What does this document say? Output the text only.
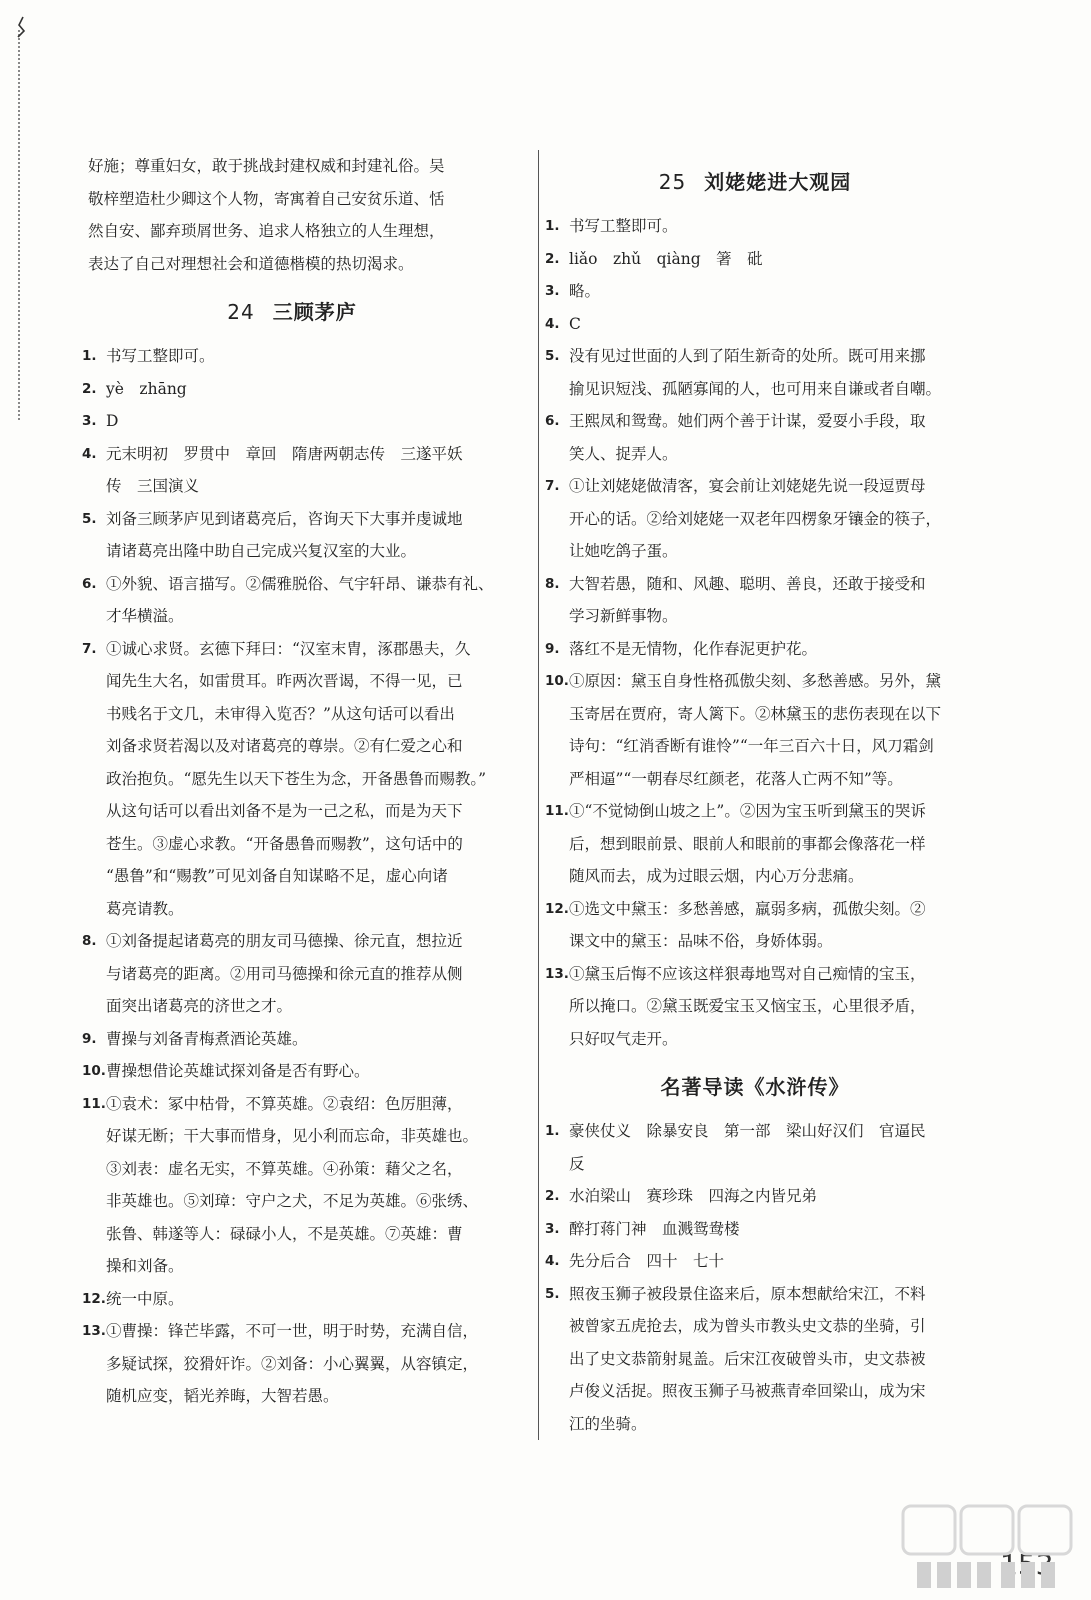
好施；尊重妇女，敢于挑战封建权威和封建礼俗。吴
敬梓塑造杜少卿这个人物，寄寓着自己安贫乐道、恬
然自安、鄙弃琐屑世务、追求人格独立的人生理想，
表达了自己对理想社会和道德楷模的热切渴求。
24 三顾茅庐
1. 书写工整即可。
2. yè　zhāng
3. D
4. 元末明初　罗贯中　章回　隋唐两朝志传　三遂平妖
传　三国演义
5. 刘备三顾茅庐见到诸葛亮后，咨询天下大事并虔诚地
请诸葛亮出隆中助自己完成兴复汉室的大业。
6. ①外貌、语言描写。②儒雅脱俗、气宇轩昂、谦恭有礼、
才华横溢。
7. ①诚心求贤。玄德下拜曰：“汉室末胄，涿郡愚夫，久
闻先生大名，如雷贯耳。昨两次晋谒，不得一见，已
书贱名于文几，未审得入览否？”从这句话可以看出
刘备求贤若渴以及对诸葛亮的尊崇。②有仁爱之心和
政治抱负。“愿先生以天下苍生为念，开备愚鲁而赐教。”
从这句话可以看出刘备不是为一己之私，而是为天下
苍生。③虚心求教。“开备愚鲁而赐教”，这句话中的
“愚鲁”和“赐教”可见刘备自知谋略不足，虚心向诸
葛亮请教。
8. ①刘备提起诸葛亮的朋友司马德操、徐元直，想拉近
与诸葛亮的距离。②用司马德操和徐元直的推荐从侧
面突出诸葛亮的济世之才。
9. 曹操与刘备青梅煮酒论英雄。
10. 曹操想借论英雄试探刘备是否有野心。
11. ①袁术：冢中枯骨，不算英雄。②袁绍：色厉胆薄，
好谋无断；干大事而惜身，见小利而忘命，非英雄也。
③刘表：虚名无实，不算英雄。④孙策：藉父之名，
非英雄也。⑤刘璋：守户之犬，不足为英雄。⑥张绣、
张鲁、韩遂等人：碌碌小人，不是英雄。⑦英雄：曹
操和刘备。
12. 统一中原。
13. ①曹操：锋芒毕露，不可一世，明于时势，充满自信，
多疑试探，狡猾奸诈。②刘备：小心翼翼，从容镇定，
随机应变，韬光养晦，大智若愚。
25 刘姥姥进大观园
1. 书写工整即可。
2. liǎo　zhǔ　qiàng　箸　砒
3. 略。
4. C
5. 没有见过世面的人到了陌生新奇的处所。既可用来挪
揄见识短浅、孤陋寡闻的人，也可用来自谦或者自嘲。
6. 王熙凤和鸳鸯。她们两个善于计谋，爱耍小手段，取
笑人、捉弄人。
7. ①让刘姥姥做清客，宴会前让刘姥姥先说一段逗贾母
开心的话。②给刘姥姥一双老年四楞象牙镶金的筷子，
让她吃鸽子蛋。
8. 大智若愚，随和、风趣、聪明、善良，还敢于接受和
学习新鲜事物。
9. 落红不是无情物，化作春泥更护花。
10. ①原因：黛玉自身性格孤傲尖刻、多愁善感。另外，黛
玉寄居在贾府，寄人篱下。②林黛玉的悲伤表现在以下
诗句：“红消香断有谁怜”“一年三百六十日，风刀霜剑
严相逼”“一朝春尽红颜老，花落人亡两不知”等。
11. ①“不觉恸倒山坡之上”。②因为宝玉听到黛玉的哭诉
后，想到眼前景、眼前人和眼前的事都会像落花一样
随风而去，成为过眼云烟，内心万分悲痛。
12. ①选文中黛玉：多愁善感，羸弱多病，孤傲尖刻。②
课文中的黛玉：品味不俗，身娇体弱。
13. ①黛玉后悔不应该这样狠毒地骂对自己痴情的宝玉，
所以掩口。②黛玉既爱宝玉又恼宝玉，心里很矛盾，
只好叹气走开。
名著导读《水浒传》
1. 豪侠仗义　除暴安良　第一部　梁山好汉们　官逼民
反
2. 水泊梁山　赛珍珠　四海之内皆兄弟
3. 醉打蒋门神　血溅鸳鸯楼
4. 先分后合　四十　七十
5. 照夜玉狮子被段景住盗来后，原本想献给宋江，不料
被曾家五虎抢去，成为曾头市教头史文恭的坐骑，引
出了史文恭箭射晁盖。后宋江夜破曾头市，史文恭被
卢俊义活捉。照夜玉狮子马被燕青牵回梁山，成为宋
江的坐骑。
